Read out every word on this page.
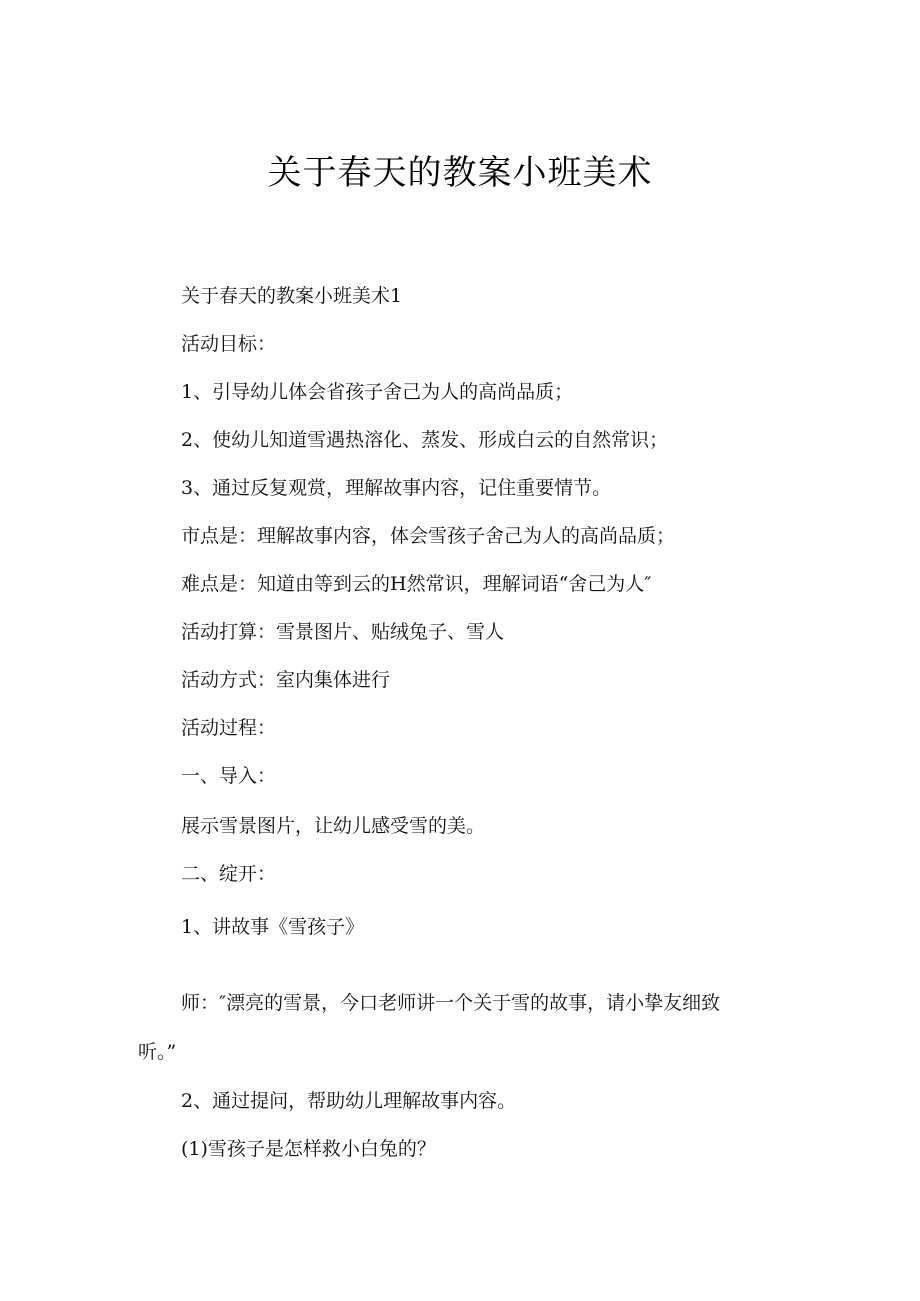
关于春天的教案小班美术
关于春天的教案小班美术1
活动目标：
1、引导幼儿体会省孩子舍己为人的高尚品质；
2、使幼儿知道雪遇热溶化、蒸发、形成白云的自然常识；
3、通过反复观赏，理解故事内容，记住重要情节。
市点是：理解故事内容，体会雪孩子舍己为人的高尚品质；
难点是：知道由等到云的H然常识，理解词语“舍己为人″
活动打算：雪景图片、贴绒兔子、雪人
活动方式：室内集体进行
活动过程：
一、导入：
展示雪景图片，让幼儿感受雪的美。
二、绽开：
1、讲故事《雪孩子》
师：″漂亮的雪景，今口老师讲一个关于雪的故事，请小挚友细致
听。”
2、通过提问，帮助幼儿理解故事内容。
(1)雪孩子是怎样救小白兔的？
